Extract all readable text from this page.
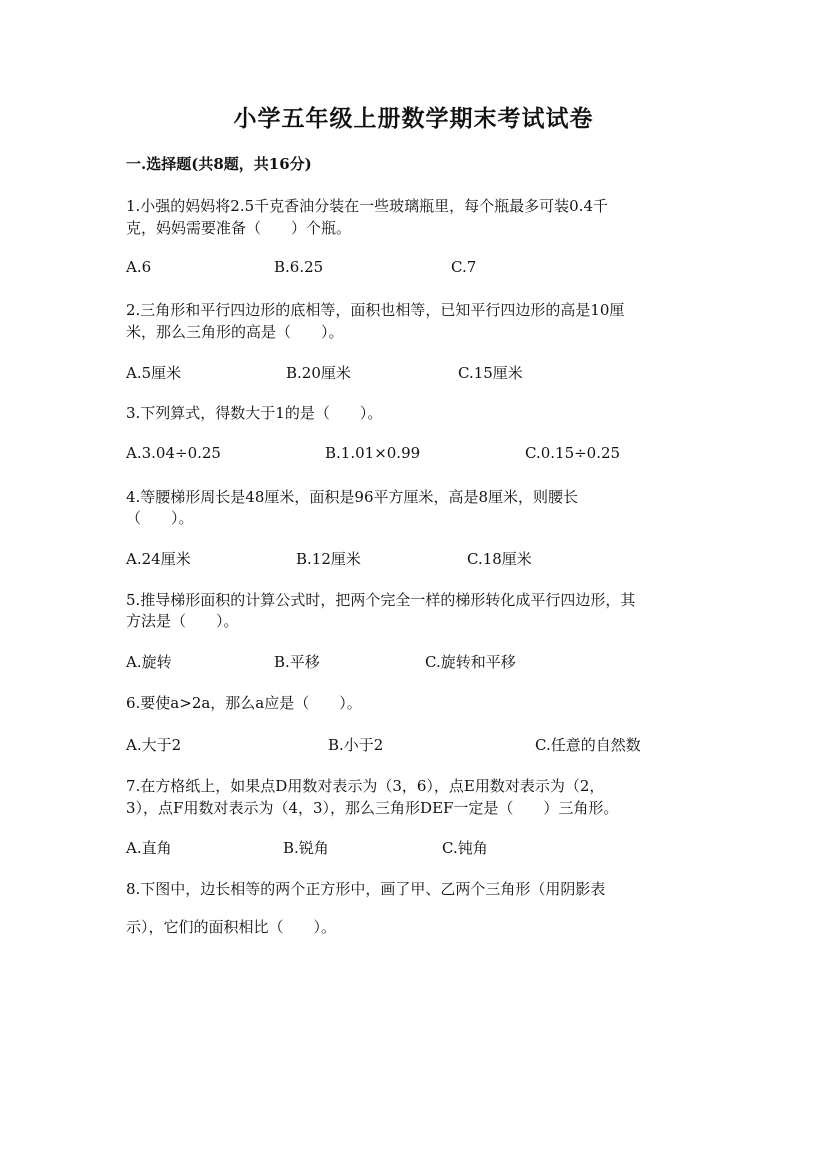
小学五年级上册数学期末考试试卷
一.选择题(共8题，共16分)
1.小强的妈妈将2.5千克香油分装在一些玻璃瓶里，每个瓶最多可装0.4千
克，妈妈需要准备（　　）个瓶。
A.6	B.6.25	C.7
2.三角形和平行四边形的底相等，面积也相等，已知平行四边形的高是10厘
米，那么三角形的高是（　　）。
A.5厘米	B.20厘米	C.15厘米
3.下列算式，得数大于1的是（　　）。
A.3.04÷0.25	B.1.01×0.99	C.0.15÷0.25
4.等腰梯形周长是48厘米，面积是96平方厘米，高是8厘米，则腰长
（　　）。
A.24厘米	B.12厘米	C.18厘米
5.推导梯形面积的计算公式时，把两个完全一样的梯形转化成平行四边形，其
方法是（　　）。
A.旋转	B.平移	C.旋转和平移
6.要使a>2a，那么a应是（　　）。
A.大于2	B.小于2	C.任意的自然数
7.在方格纸上，如果点D用数对表示为（3，6），点E用数对表示为（2，
3），点F用数对表示为（4，3），那么三角形DEF一定是（　　）三角形。
A.直角	B.锐角	C.钝角
8.下图中，边长相等的两个正方形中，画了甲、乙两个三角形（用阴影表
示），它们的面积相比（　　）。
